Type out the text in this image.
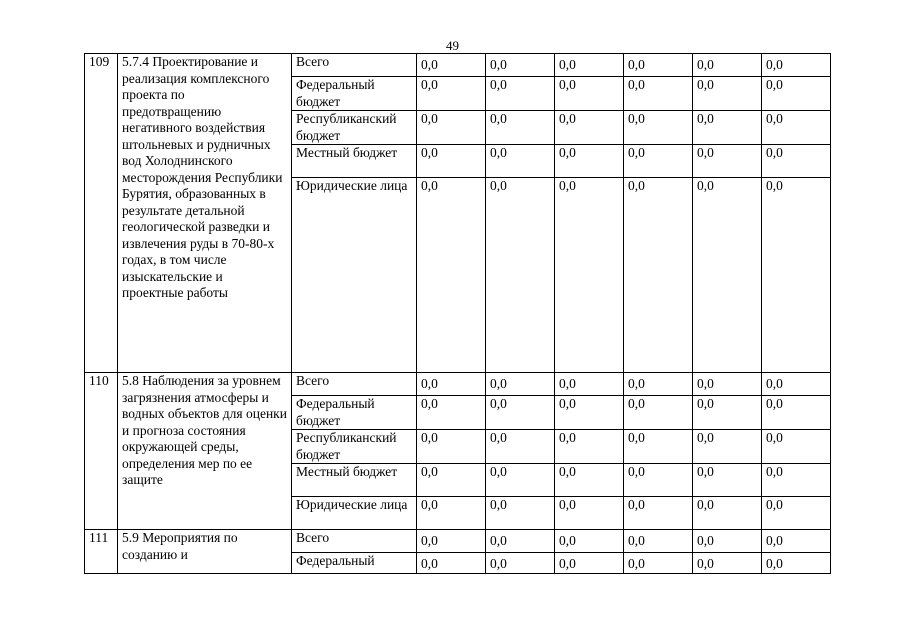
49
109	5.7.4 Проектирование и реализация комплексного проекта по предотвращению негативного воздействия штольневых и рудничных вод Холоднинского месторождения Республики Бурятия, образованных в результате детальной геологической разведки и извлечения руды в 70-80-х годах, в том числе изыскательские и проектные работы	Всего	0,0	0,0	0,0	0,0	0,0	0,0
		Федеральный бюджет	0,0	0,0	0,0	0,0	0,0	0,0
		Республиканский бюджет	0,0	0,0	0,0	0,0	0,0	0,0
		Местный бюджет	0,0	0,0	0,0	0,0	0,0	0,0
		Юридические лица	0,0	0,0	0,0	0,0	0,0	0,0
110	5.8 Наблюдения за уровнем загрязнения атмосферы и водных объектов для оценки и прогноза состояния окружающей среды, определения мер по ее защите	Всего	0,0	0,0	0,0	0,0	0,0	0,0
		Федеральный бюджет	0,0	0,0	0,0	0,0	0,0	0,0
		Республиканский бюджет	0,0	0,0	0,0	0,0	0,0	0,0
		Местный бюджет	0,0	0,0	0,0	0,0	0,0	0,0
		Юридические лица	0,0	0,0	0,0	0,0	0,0	0,0
111	5.9 Мероприятия по созданию и	Всего	0,0	0,0	0,0	0,0	0,0	0,0
		Федеральный	0,0	0,0	0,0	0,0	0,0	0,0
